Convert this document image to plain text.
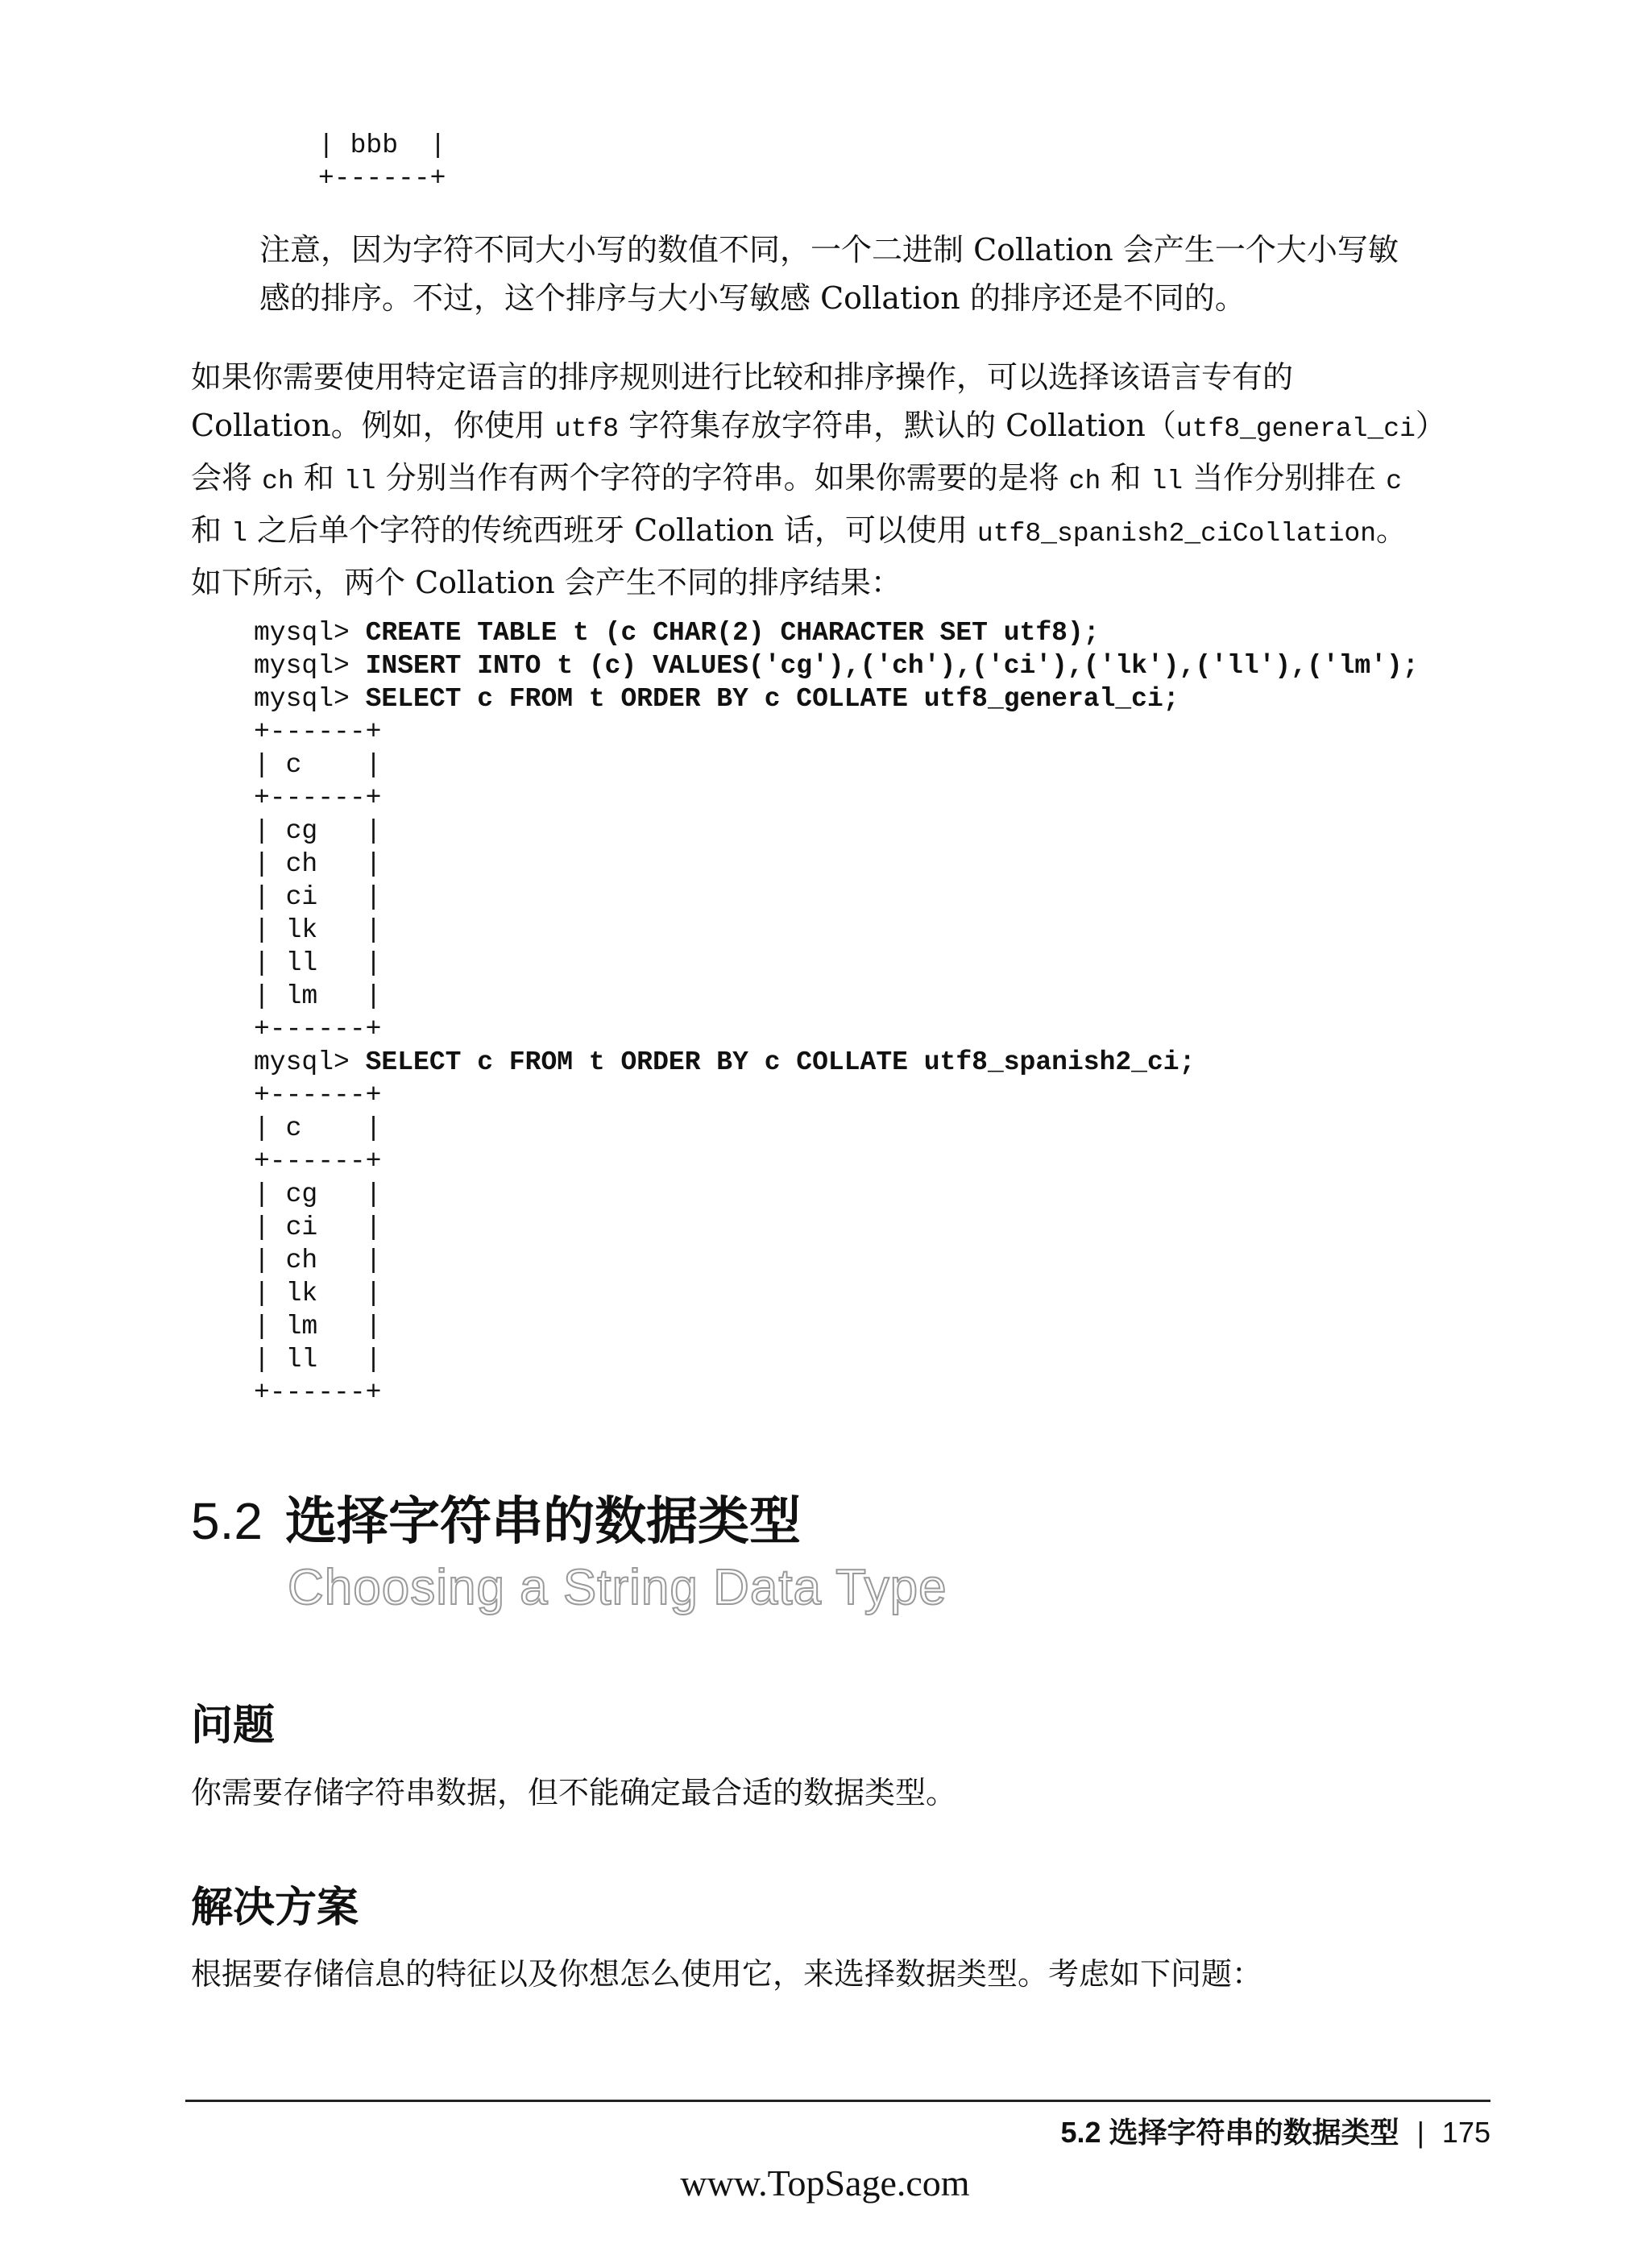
| bbb  |
+------+
注意，因为字符不同大小写的数值不同，一个二进制 Collation 会产生一个大小写敏
感的排序。不过，这个排序与大小写敏感 Collation 的排序还是不同的。
如果你需要使用特定语言的排序规则进行比较和排序操作，可以选择该语言专有的
Collation。例如，你使用 utf8 字符集存放字符串，默认的 Collation（utf8_general_ci）
会将 ch 和 ll 分别当作有两个字符的字符串。如果你需要的是将 ch 和 ll 当作分别排在 c
和 l 之后单个字符的传统西班牙 Collation 话，可以使用 utf8_spanish2_ciCollation。
如下所示，两个 Collation 会产生不同的排序结果：
mysql> CREATE TABLE t (c CHAR(2) CHARACTER SET utf8);
mysql> INSERT INTO t (c) VALUES('cg'),('ch'),('ci'),('lk'),('ll'),('lm');
mysql> SELECT c FROM t ORDER BY c COLLATE utf8_general_ci;
+------+
| c    |
+------+
| cg   |
| ch   |
| ci   |
| lk   |
| ll   |
| lm   |
+------+
mysql> SELECT c FROM t ORDER BY c COLLATE utf8_spanish2_ci;
+------+
| c    |
+------+
| cg   |
| ci   |
| ch   |
| lk   |
| lm   |
| ll   |
+------+
5.2 选择字符串的数据类型
Choosing a String Data Type
问题
你需要存储字符串数据，但不能确定最合适的数据类型。
解决方案
根据要存储信息的特征以及你想怎么使用它，来选择数据类型。考虑如下问题：
5.2 选择字符串的数据类型 | 175
www.TopSage.com
